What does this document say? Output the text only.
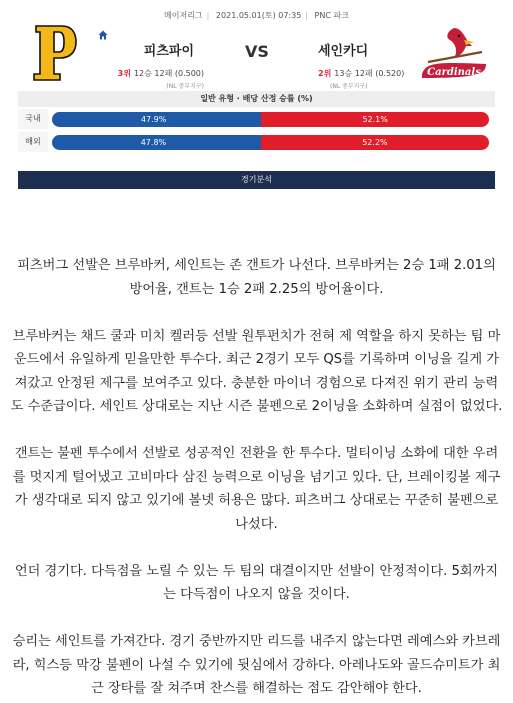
메이저리그 | 2021.05.01(토) 07:35 | PNC 파크
피츠파이	VS	세인카디
3위 12승 12패 (0.500)	2위 13승 12패 (0.520)
(NL 중부지구)	(NL 중부지구)
Cardinals
일반 유형 · 배당 산정 승률 (%)
국내	47.9%	52.1%
해외	47.8%	52.2%
경기분석

피츠버그 선발은 브루바커, 세인트는 존 갠트가 나선다. 브루바커는 2승 1패 2.01의 방어율, 갠트는 1승 2패 2.25의 방어율이다.

브루바커는 채드 쿨과 미치 켈러등 선발 원투펀치가 전혀 제 역할을 하지 못하는 팀 마운드에서 유일하게 믿을만한 투수다. 최근 2경기 모두 QS를 기록하며 이닝을 길게 가져갔고 안정된 제구를 보여주고 있다. 충분한 마이너 경험으로 다져진 위기 관리 능력도 수준급이다. 세인트 상대로는 지난 시즌 불펜으로 2이닝을 소화하며 실점이 없었다.

갠트는 불펜 투수에서 선발로 성공적인 전환을 한 투수다. 멀티이닝 소화에 대한 우려를 멋지게 털어냈고 고비마다 삼진 능력으로 이닝을 넘기고 있다. 단, 브레이킹볼 제구가 생각대로 되지 않고 있기에 볼넷 허용은 많다. 피츠버그 상대로는 꾸준히 불펜으로 나섰다.

언더 경기다. 다득점을 노릴 수 있는 두 팀의 대결이지만 선발이 안정적이다. 5회까지는 다득점이 나오지 않을 것이다.

승리는 세인트를 가져간다. 경기 중반까지만 리드를 내주지 않는다면 레예스와 카브레라, 힉스등 막강 불펜이 나설 수 있기에 뒷심에서 강하다. 아레나도와 골드슈미트가 최근 장타를 잘 쳐주며 찬스를 해결하는 점도 감안해야 한다.
